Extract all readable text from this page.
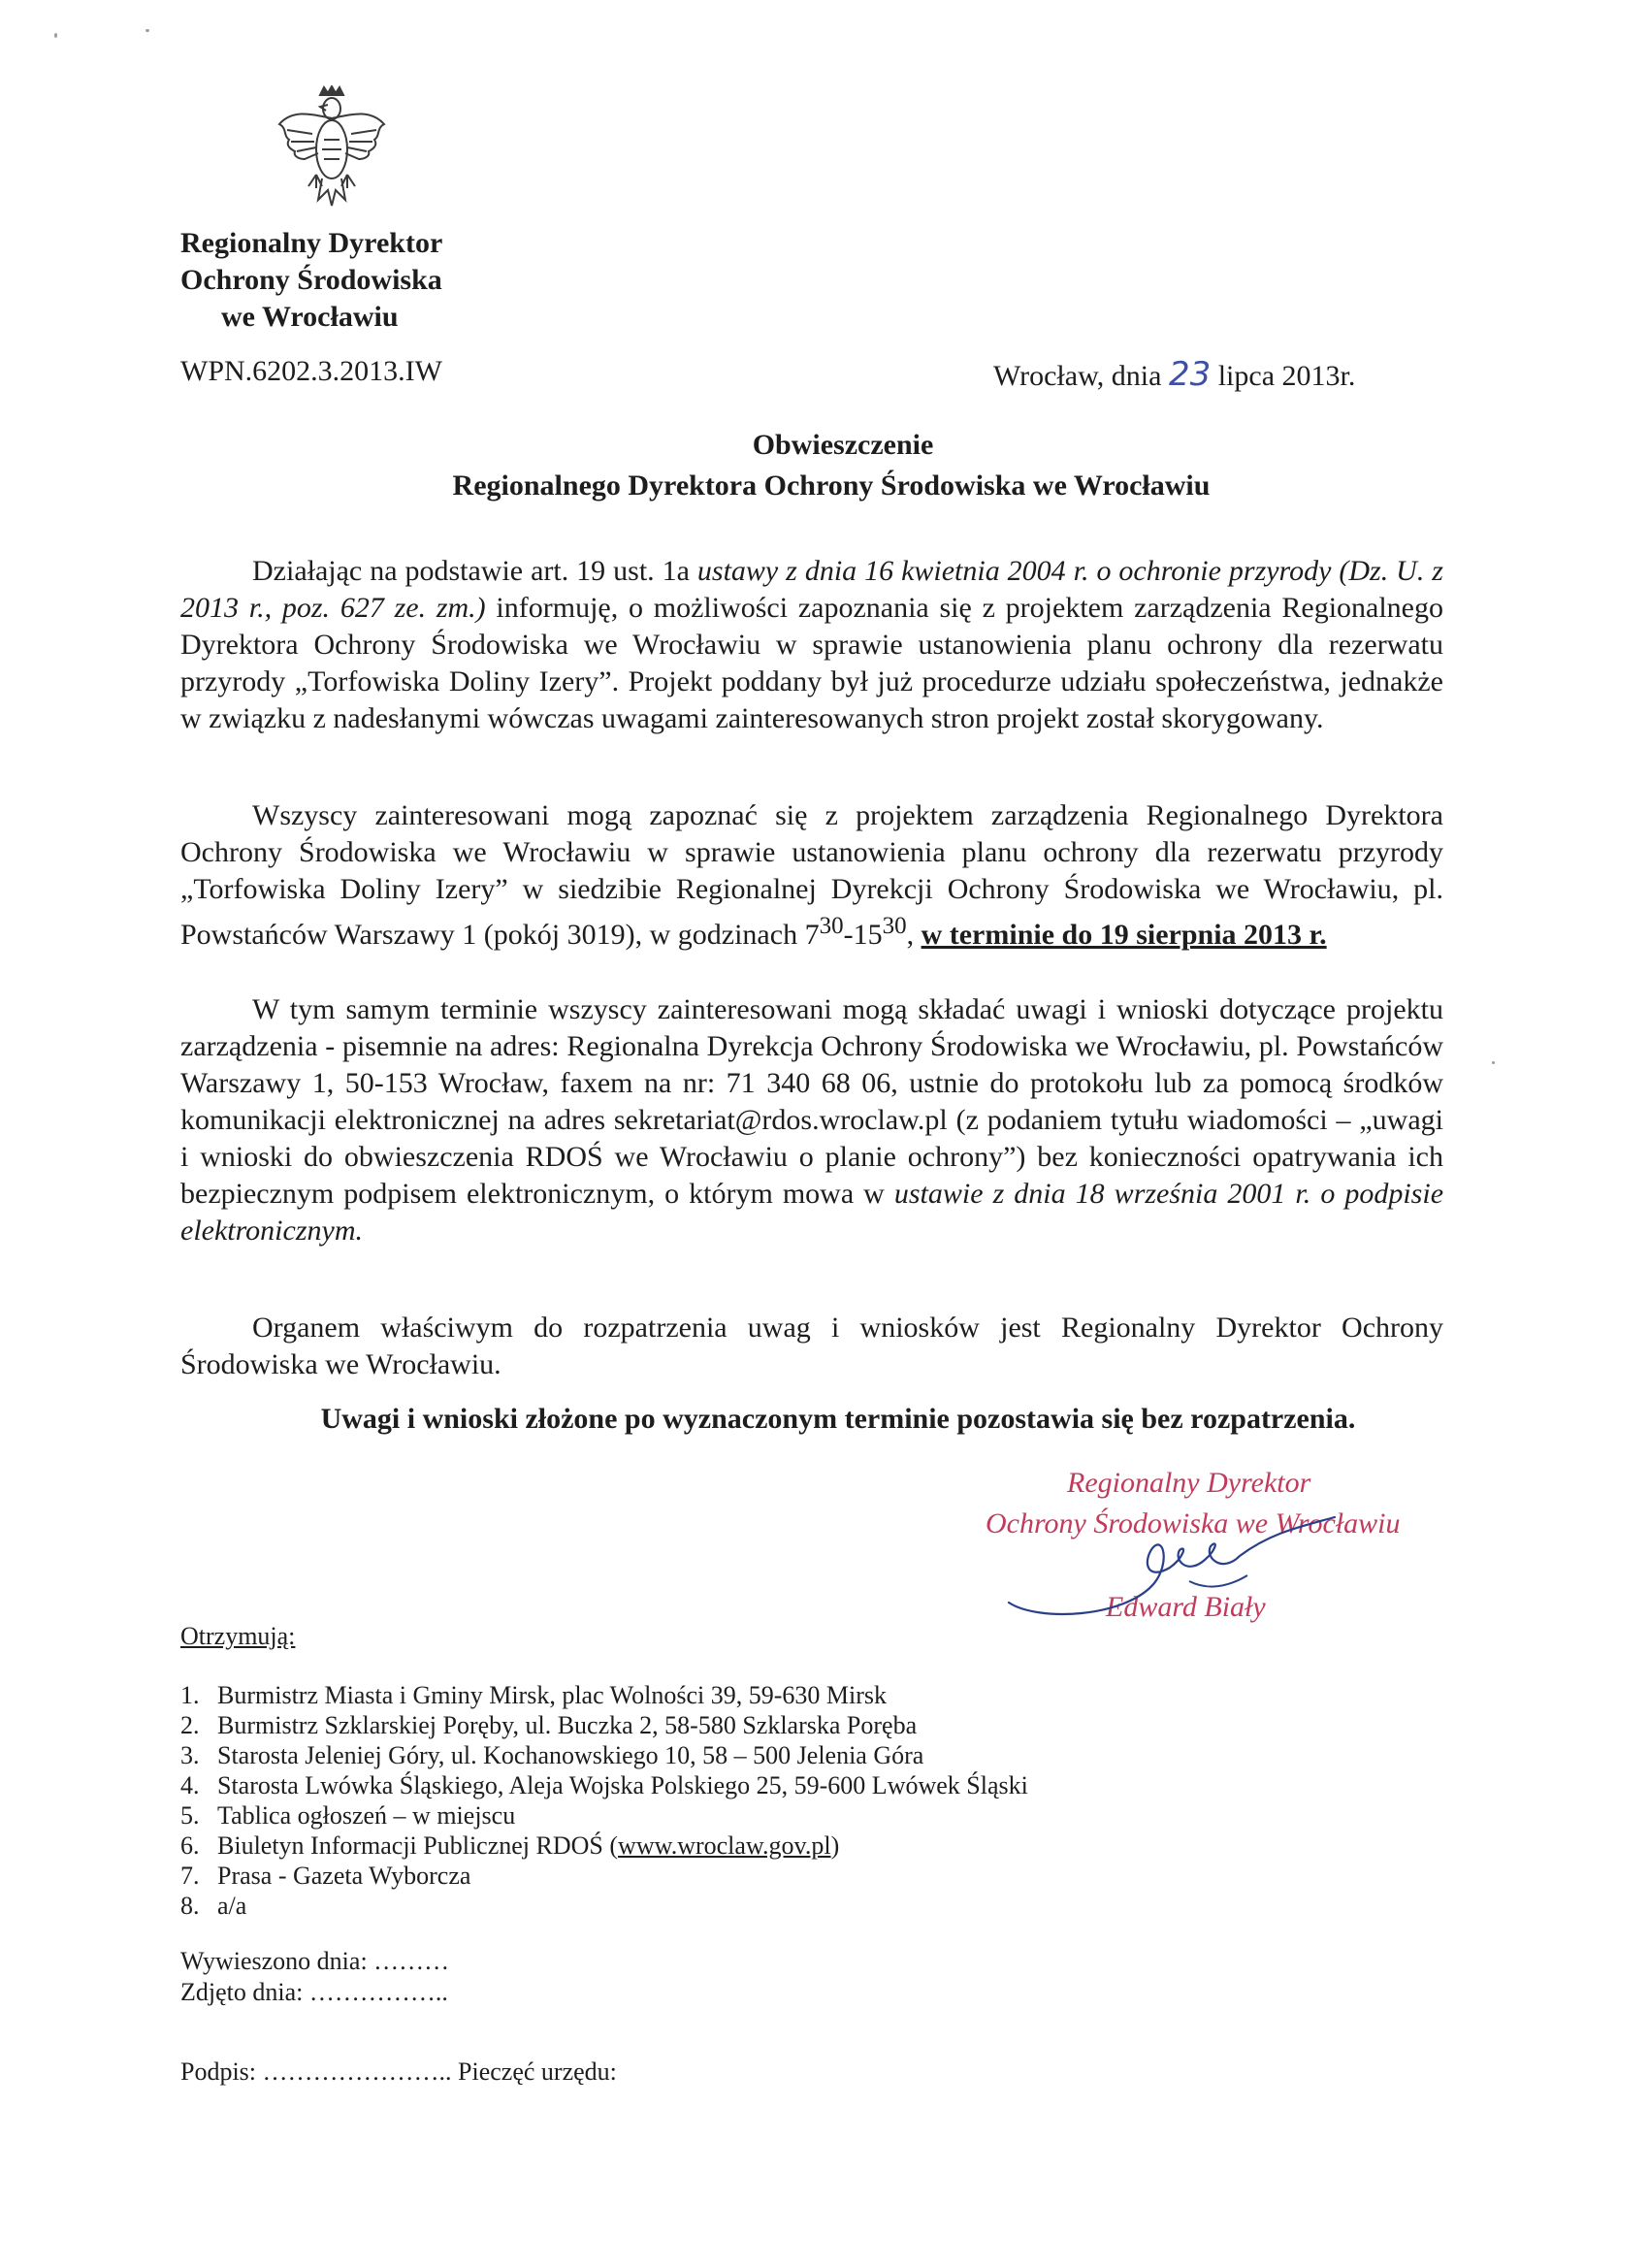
Regionalny Dyrektor
Ochrony Środowiska
we Wrocławiu
WPN.6202.3.2013.IW	Wrocław, dnia 23 lipca 2013r.
Obwieszczenie
Regionalnego Dyrektora Ochrony Środowiska we Wrocławiu

Działając na podstawie art. 19 ust. 1a ustawy z dnia 16 kwietnia 2004 r. o ochronie przyrody (Dz. U. z 2013 r., poz. 627 ze. zm.) informuję, o możliwości zapoznania się z projektem zarządzenia Regionalnego Dyrektora Ochrony Środowiska we Wrocławiu w sprawie ustanowienia planu ochrony dla rezerwatu przyrody „Torfowiska Doliny Izery”. Projekt poddany był już procedurze udziału społeczeństwa, jednakże w związku z nadesłanymi wówczas uwagami zainteresowanych stron projekt został skorygowany.

Wszyscy zainteresowani mogą zapoznać się z projektem zarządzenia Regionalnego Dyrektora Ochrony Środowiska we Wrocławiu w sprawie ustanowienia planu ochrony dla rezerwatu przyrody „Torfowiska Doliny Izery” w siedzibie Regionalnej Dyrekcji Ochrony Środowiska we Wrocławiu, pl. Powstańców Warszawy 1 (pokój 3019), w godzinach $7^{30}-15^{30}$, w terminie do 19 sierpnia 2013 r.

W tym samym terminie wszyscy zainteresowani mogą składać uwagi i wnioski dotyczące projektu zarządzenia - pisemnie na adres: Regionalna Dyrekcja Ochrony Środowiska we Wrocławiu, pl. Powstańców Warszawy 1, 50-153 Wrocław, faxem na nr: 71 340 68 06, ustnie do protokołu lub za pomocą środków komunikacji elektronicznej na adres sekretariat@rdos.wroclaw.pl (z podaniem tytułu wiadomości – „uwagi i wnioski do obwieszczenia RDOŚ we Wrocławiu o planie ochrony”) bez konieczności opatrywania ich bezpiecznym podpisem elektronicznym, o którym mowa w ustawie z dnia 18 września 2001 r. o podpisie elektronicznym.

Organem właściwym do rozpatrzenia uwag i wniosków jest Regionalny Dyrektor Ochrony Środowiska we Wrocławiu.

Uwagi i wnioski złożone po wyznaczonym terminie pozostawia się bez rozpatrzenia.
Regionalny Dyrektor
Ochrony Środowiska we Wrocławiu
Edward Biały
Otrzymują:
1. Burmistrz Miasta i Gminy Mirsk, plac Wolności 39, 59-630 Mirsk
2. Burmistrz Szklarskiej Poręby, ul. Buczka 2, 58-580 Szklarska Poręba
3. Starosta Jeleniej Góry, ul. Kochanowskiego 10, 58 – 500 Jelenia Góra
4. Starosta Lwówka Śląskiego, Aleja Wojska Polskiego 25, 59-600 Lwówek Śląski
5. Tablica ogłoszeń – w miejscu
6. Biuletyn Informacji Publicznej RDOŚ (www.wroclaw.gov.pl)
7. Prasa - Gazeta Wyborcza
8. a/a
Wywieszono dnia: ………
Zdjęto dnia: ……………..
Podpis: ………………….. Pieczęć urzędu:
